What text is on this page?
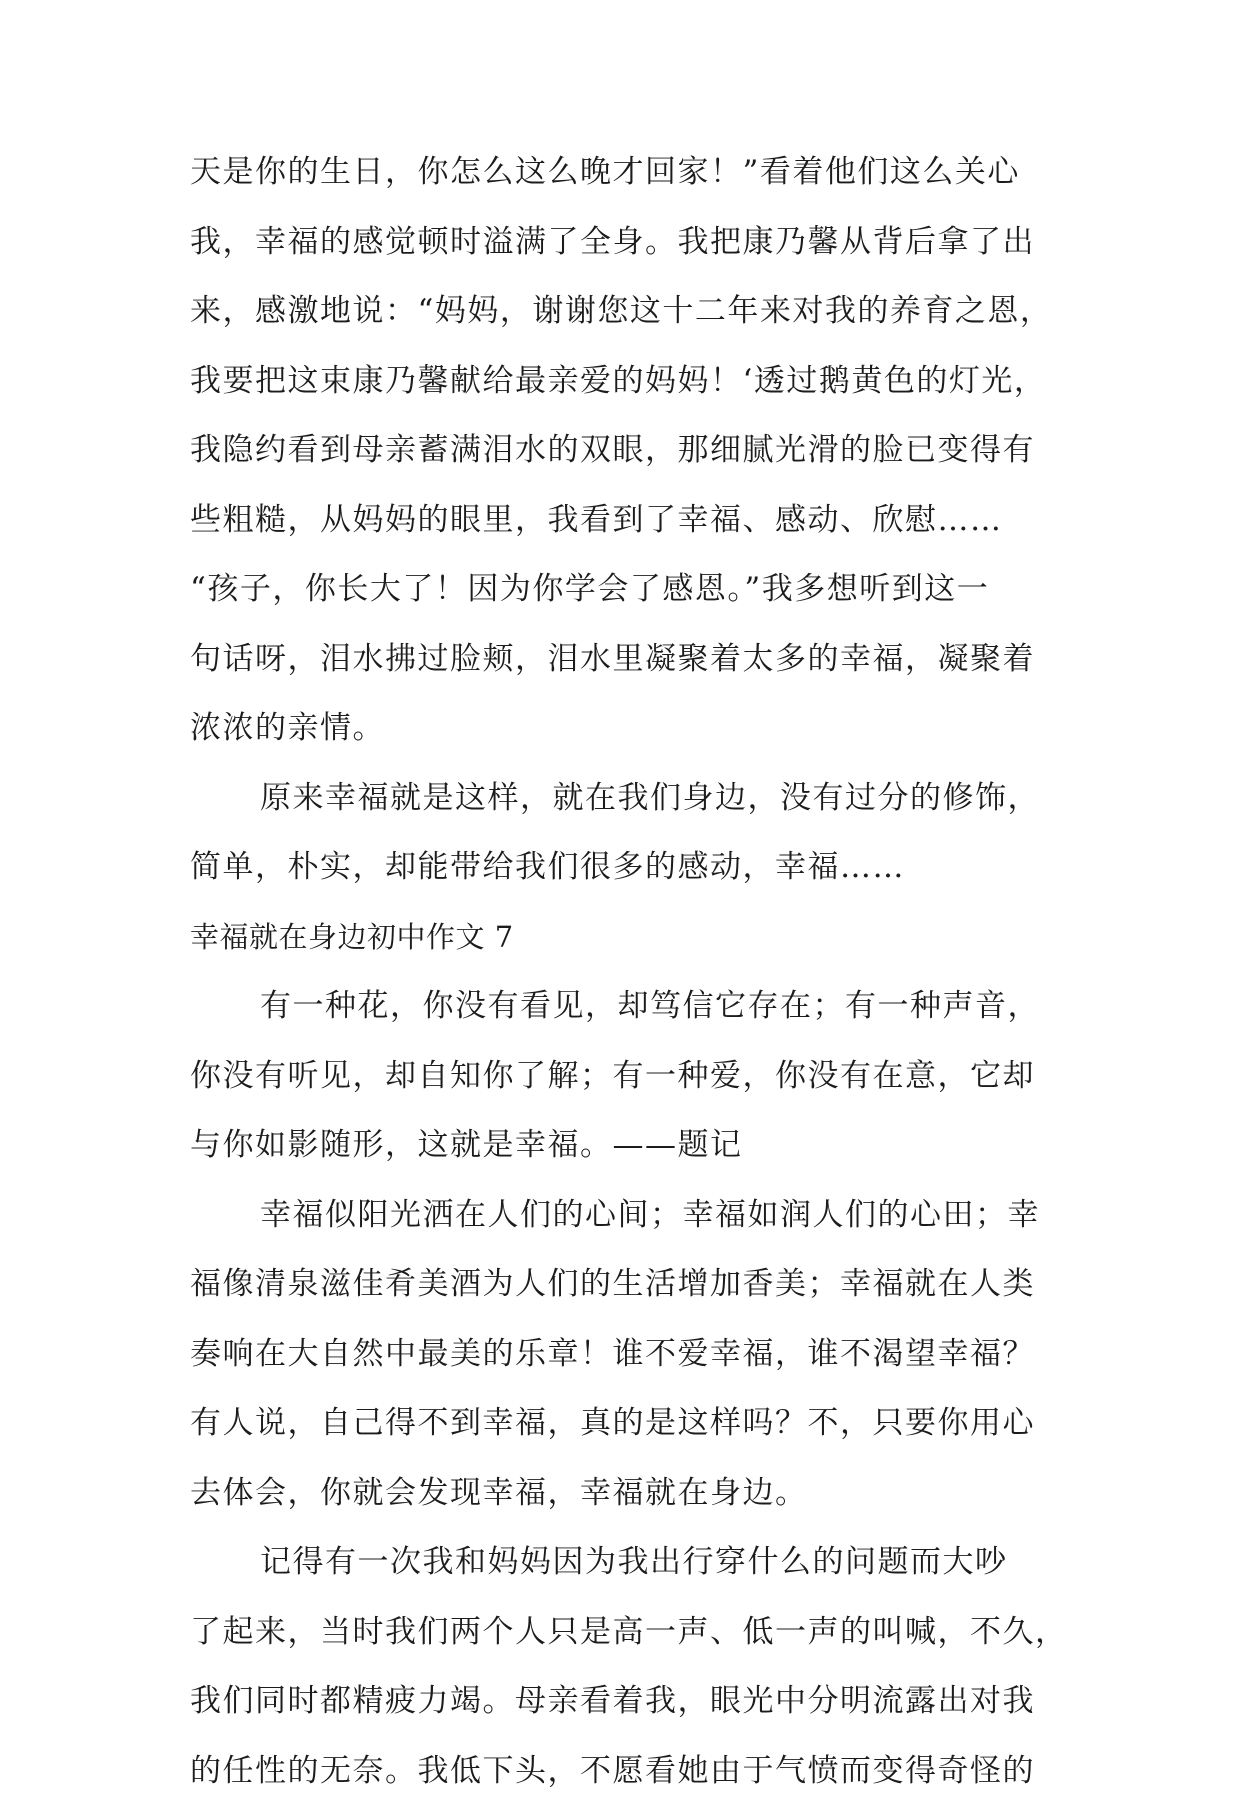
天是你的生日，你怎么这么晚才回家！”看着他们这么关心
我，幸福的感觉顿时溢满了全身。我把康乃馨从背后拿了出
来，感激地说：“妈妈，谢谢您这十二年来对我的养育之恩，
我要把这束康乃馨献给最亲爱的妈妈！‘透过鹅黄色的灯光，
我隐约看到母亲蓄满泪水的双眼，那细腻光滑的脸已变得有
些粗糙，从妈妈的眼里，我看到了幸福、感动、欣慰……
“孩子，你长大了！因为你学会了感恩。”我多想听到这一
句话呀，泪水拂过脸颊，泪水里凝聚着太多的幸福，凝聚着
浓浓的亲情。
原来幸福就是这样，就在我们身边，没有过分的修饰，
简单，朴实，却能带给我们很多的感动，幸福……
幸福就在身边初中作文 7
有一种花，你没有看见，却笃信它存在；有一种声音，
你没有听见，却自知你了解；有一种爱，你没有在意，它却
与你如影随形，这就是幸福。——题记
幸福似阳光洒在人们的心间；幸福如润人们的心田；幸
福像清泉滋佳肴美酒为人们的生活增加香美；幸福就在人类
奏响在大自然中最美的乐章！谁不爱幸福，谁不渴望幸福？
有人说，自己得不到幸福，真的是这样吗？不，只要你用心
去体会，你就会发现幸福，幸福就在身边。
记得有一次我和妈妈因为我出行穿什么的问题而大吵
了起来，当时我们两个人只是高一声、低一声的叫喊，不久，
我们同时都精疲力竭。母亲看着我，眼光中分明流露出对我
的任性的无奈。我低下头，不愿看她由于气愤而变得奇怪的
